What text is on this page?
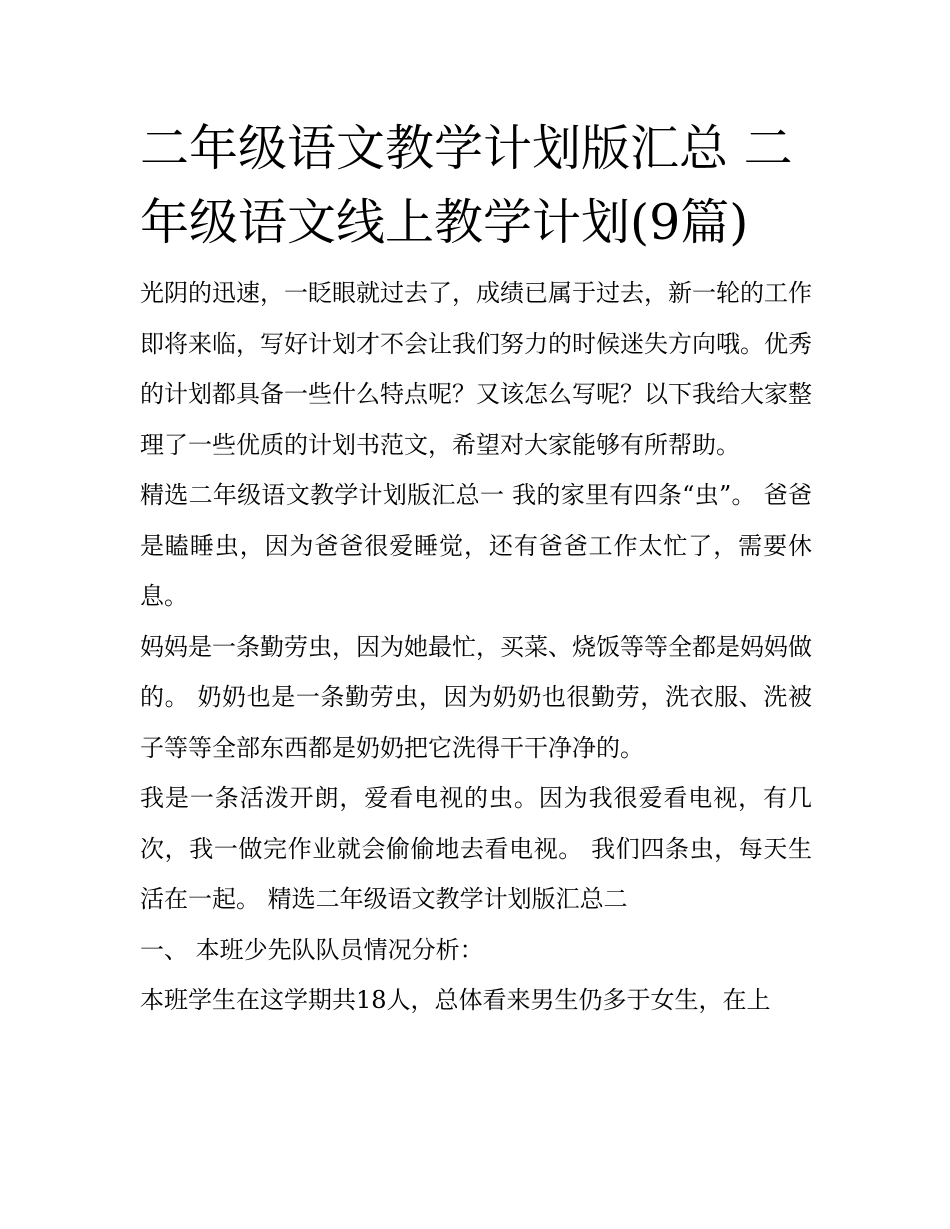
二年级语文教学计划版汇总 二年级语文线上教学计划(9篇)

光阴的迅速，一眨眼就过去了，成绩已属于过去，新一轮的工作即将来临，写好计划才不会让我们努力的时候迷失方向哦。优秀的计划都具备一些什么特点呢？又该怎么写呢？以下我给大家整理了一些优质的计划书范文，希望对大家能够有所帮助。

精选二年级语文教学计划版汇总一 我的家里有四条“虫”。 爸爸是瞌睡虫，因为爸爸很爱睡觉，还有爸爸工作太忙了，需要休息。

妈妈是一条勤劳虫，因为她最忙，买菜、烧饭等等全都是妈妈做的。 奶奶也是一条勤劳虫，因为奶奶也很勤劳，洗衣服、洗被子等等全部东西都是奶奶把它洗得干干净净的。

我是一条活泼开朗，爱看电视的虫。因为我很爱看电视，有几次，我一做完作业就会偷偷地去看电视。 我们四条虫，每天生活在一起。 精选二年级语文教学计划版汇总二

一、 本班少先队队员情况分析：

本班学生在这学期共18人，总体看来男生仍多于女生，在上
